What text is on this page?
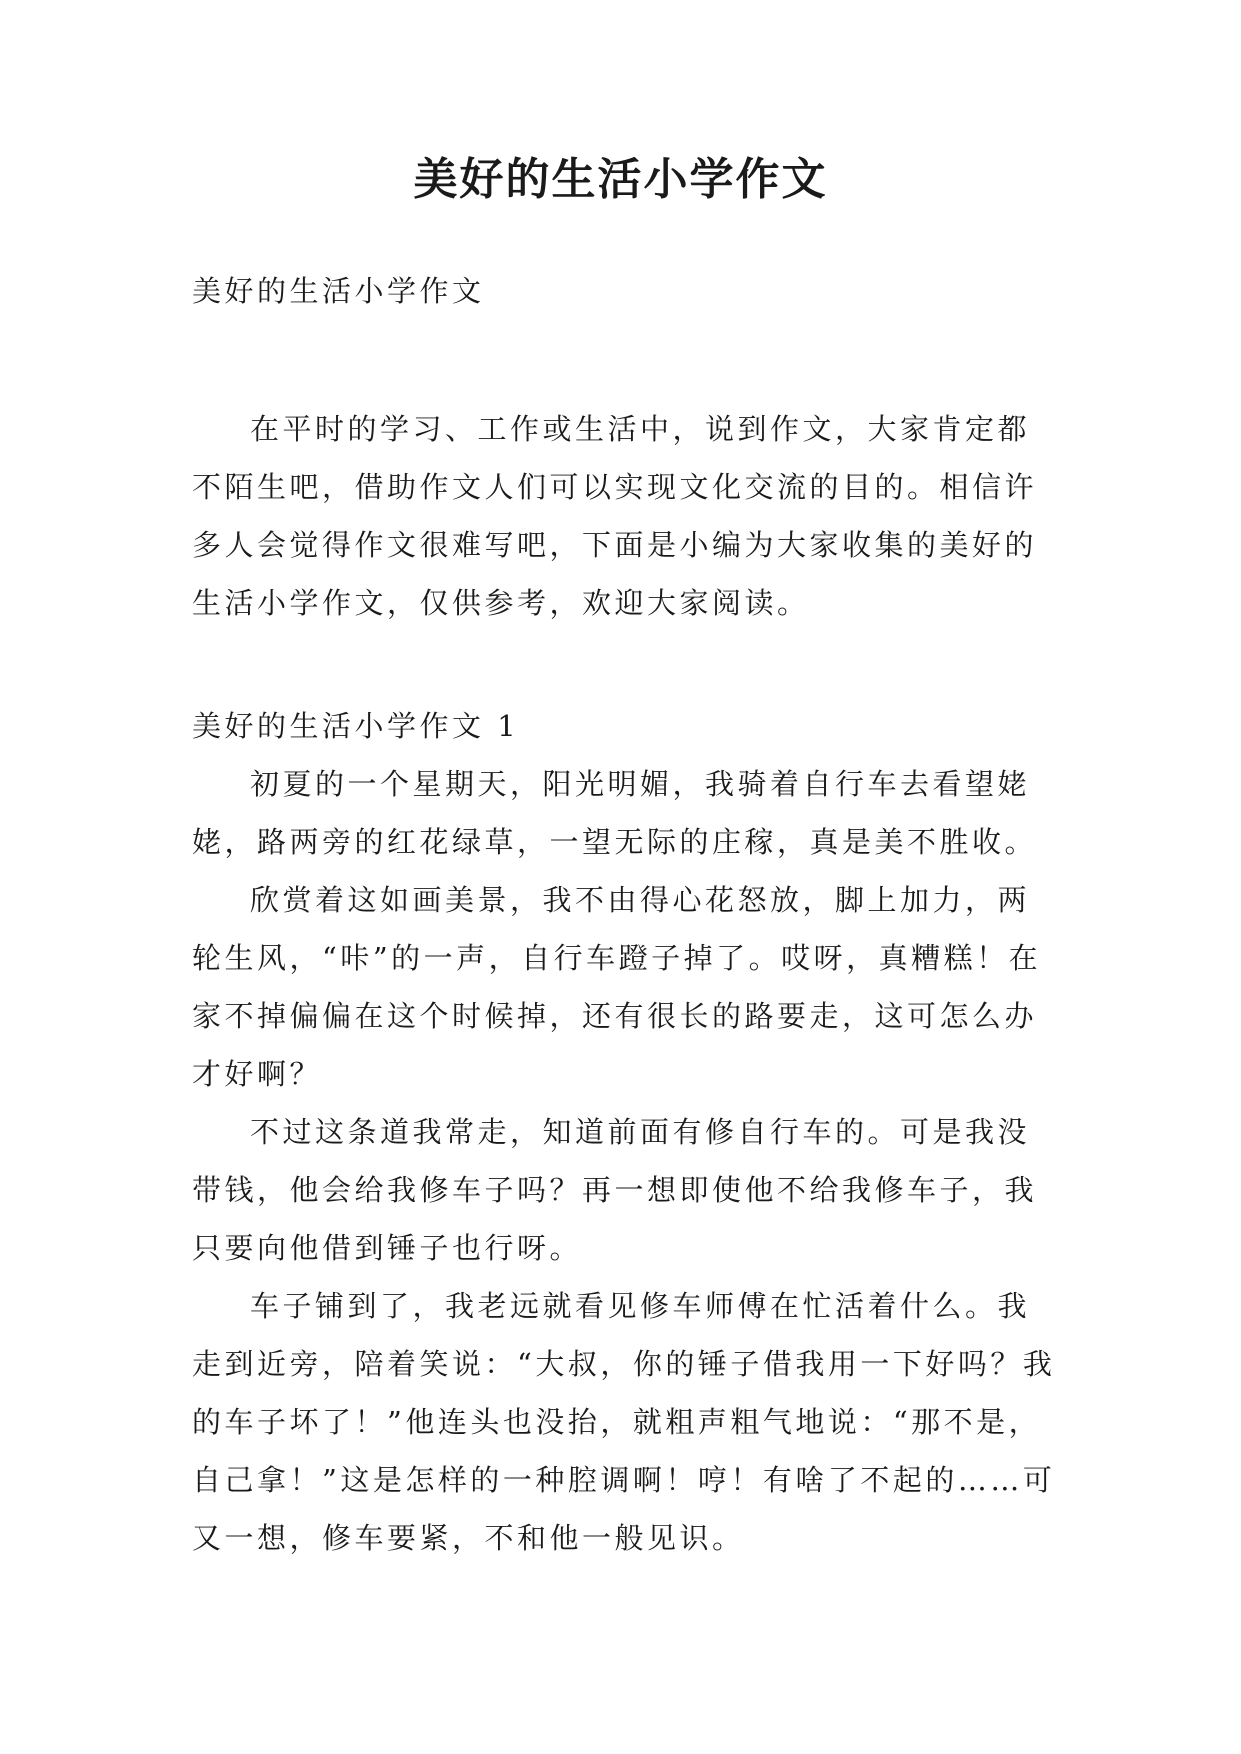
美好的生活小学作文

美好的生活小学作文

在平时的学习、工作或生活中，说到作文，大家肯定都不陌生吧，借助作文人们可以实现文化交流的目的。相信许多人会觉得作文很难写吧，下面是小编为大家收集的美好的生活小学作文，仅供参考，欢迎大家阅读。

美好的生活小学作文 1

初夏的一个星期天，阳光明媚，我骑着自行车去看望姥姥，路两旁的红花绿草，一望无际的庄稼，真是美不胜收。

欣赏着这如画美景，我不由得心花怒放，脚上加力，两轮生风，“咔”的一声，自行车蹬子掉了。哎呀，真糟糕！在家不掉偏偏在这个时候掉，还有很长的路要走，这可怎么办才好啊？

不过这条道我常走，知道前面有修自行车的。可是我没带钱，他会给我修车子吗？再一想即使他不给我修车子，我只要向他借到锤子也行呀。

车子铺到了，我老远就看见修车师傅在忙活着什么。我走到近旁，陪着笑说：“大叔，你的锤子借我用一下好吗？我的车子坏了！”他连头也没抬，就粗声粗气地说：“那不是，自己拿！”这是怎样的一种腔调啊！哼！有啥了不起的……可又一想，修车要紧，不和他一般见识。
